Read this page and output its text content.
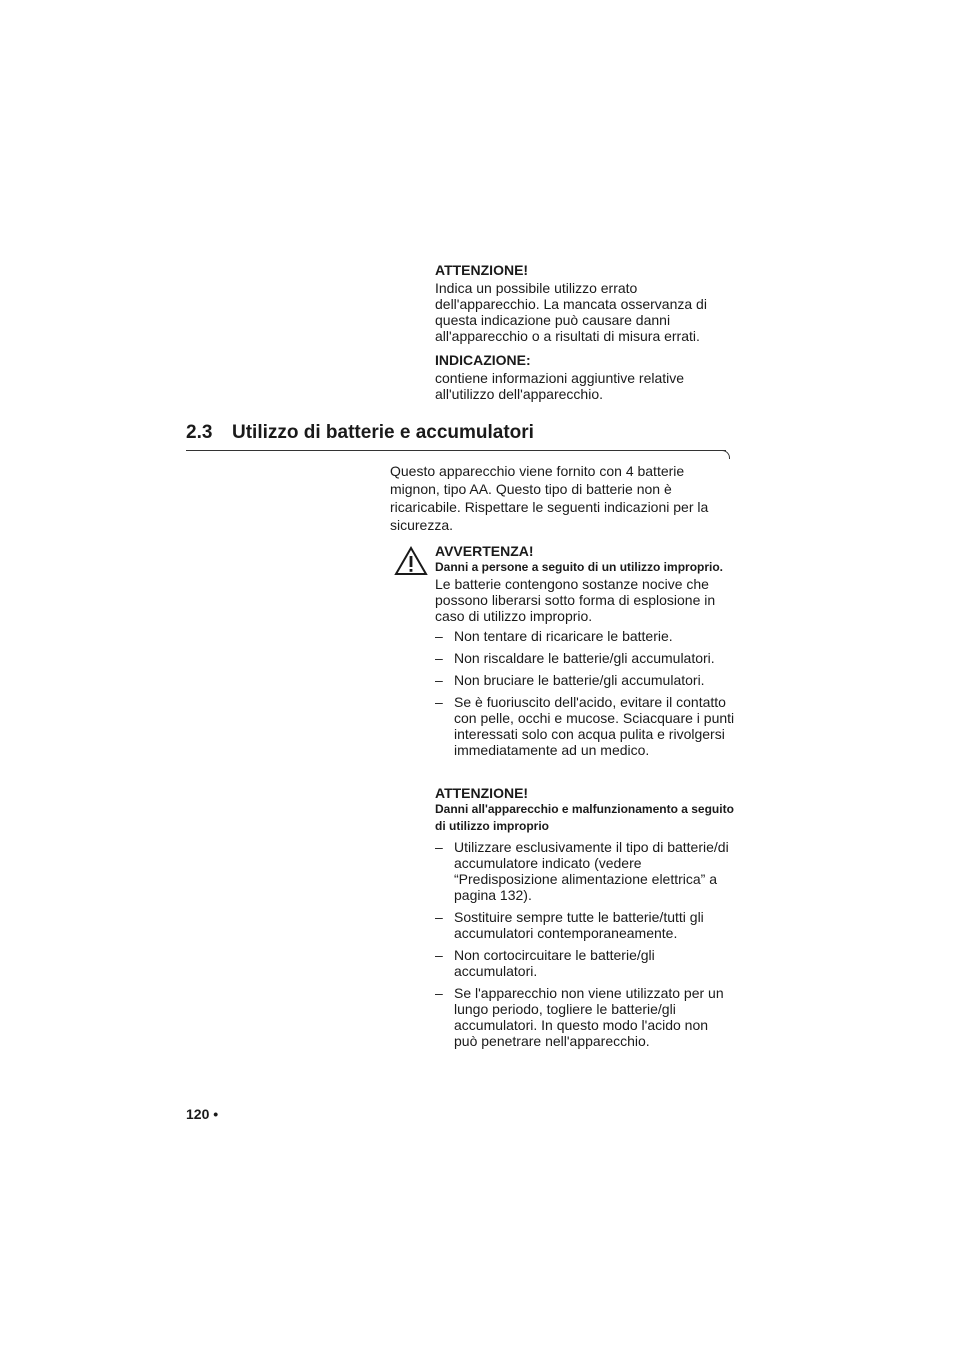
ATTENZIONE!

Indica un possibile utilizzo errato dell'apparecchio. La mancata osservanza di questa indicazione può causare danni all'apparecchio o a risultati di misura errati.

INDICAZIONE:

contiene informazioni aggiuntive relative all'utilizzo dell'apparecchio.

2.3	Utilizzo di batterie e accumulatori

Questo apparecchio viene fornito con 4 batterie mignon, tipo AA. Questo tipo di batterie non è ricaricabile. Rispettare le seguenti indicazioni per la sicurezza.

AVVERTENZA!

Danni a persone a seguito di un utilizzo improprio.

Le batterie contengono sostanze nocive che possono liberarsi sotto forma di esplosione in caso di utilizzo improprio.

– Non tentare di ricaricare le batterie.
– Non riscaldare le batterie/gli accumulatori.
– Non bruciare le batterie/gli accumulatori.
– Se è fuoriuscito dell'acido, evitare il contatto con pelle, occhi e mucose. Sciacquare i punti interessati solo con acqua pulita e rivolgersi immediatamente ad un medico.

ATTENZIONE!

Danni all'apparecchio e malfunzionamento a seguito di utilizzo improprio

– Utilizzare esclusivamente il tipo di batterie/di accumulatore indicato (vedere “Predisposizione alimentazione elettrica” a pagina 132).
– Sostituire sempre tutte le batterie/tutti gli accumulatori contemporaneamente.
– Non cortocircuitare le batterie/gli accumulatori.
– Se l'apparecchio non viene utilizzato per un lungo periodo, togliere le batterie/gli accumulatori. In questo modo l'acido non può penetrare nell'apparecchio.
120 •
